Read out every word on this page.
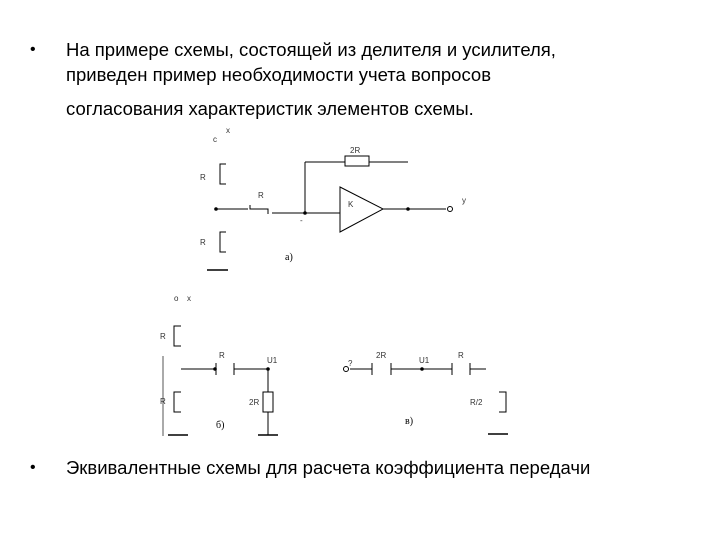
• На примере схемы, состоящей из делителя и усилителя,
приведен пример необходимости учета вопросов
согласования характеристик элементов схемы.
• Эквивалентные схемы для расчета коэффициента передачи
c
x
R
R
R
2R
K
-
y
а)
o x
R
R
R
U1
2R
б)
?
2R
U1
R
R/2
в)
